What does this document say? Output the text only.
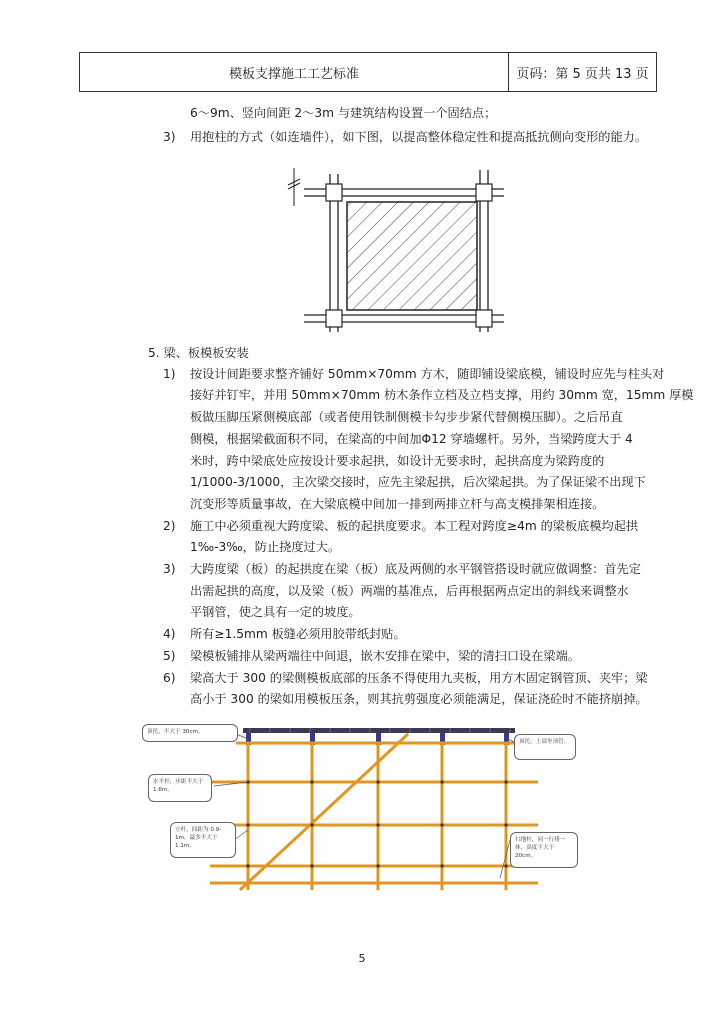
模板支撑施工工艺标准	页码：第 5 页共 13 页
6～9m、竖向间距 2～3m 与建筑结构设置一个固结点；
3) 用抱柱的方式（如连墙件），如下图，以提高整体稳定性和提高抵抗侧向变形的能力。
5. 梁、板模板安装
1) 按设计间距要求整齐铺好 50mm×70mm 方木，随即铺设梁底模，铺设时应先与柱头对
接好并钉牢，并用 50mm×70mm 枋木条作立档及立档支撑，用约 30mm 宽，15mm 厚模
板做压脚压紧侧模底部（或者使用铁制侧模卡勾步步紧代替侧模压脚）。之后吊直
侧模，根据梁截面积不同，在梁高的中间加Φ12 穿墙螺杆。另外，当梁跨度大于 4
米时，跨中梁底处应按设计要求起拱，如设计无要求时，起拱高度为梁跨度的
1/1000-3/1000，主次梁交接时，应先主梁起拱，后次梁起拱。为了保证梁不出现下
沉变形等质量事故，在大梁底模中间加一排到两排立杆与高支模排架相连接。
2) 施工中必须重视大跨度梁、板的起拱度要求。本工程对跨度≥4m 的梁板底模均起拱
1‰-3‰，防止挠度过大。
3) 大跨度梁（板）的起拱度在梁（板）底及两侧的水平钢管搭设时就应做调整：首先定
出需起拱的高度，以及梁（板）两端的基准点，后再根据两点定出的斜线来调整水
平钢管，使之具有一定的坡度。
4) 所有≥1.5mm 板缝必须用胶带纸封贴。
5) 梁模板铺排从梁两端往中间退，嵌木安排在梁中，梁的清扫口设在梁端。
6) 梁高大于 300 的梁侧模板底部的压条不得使用九夹板，用方木固定钢管顶、夹牢；梁
高小于 300 的梁如用模板压条，则其抗剪强度必须能满足，保证浇砼时不能挤崩掉。
顶托，不大于 30cm。
顶托，上部坐顶管。
水平杆，步距不大于 1.6m。
立杆，间距为 0.9-1m，最多不大于 1.1m。
扫地杆，同一行排一体，高度不大于 20cm。
5
